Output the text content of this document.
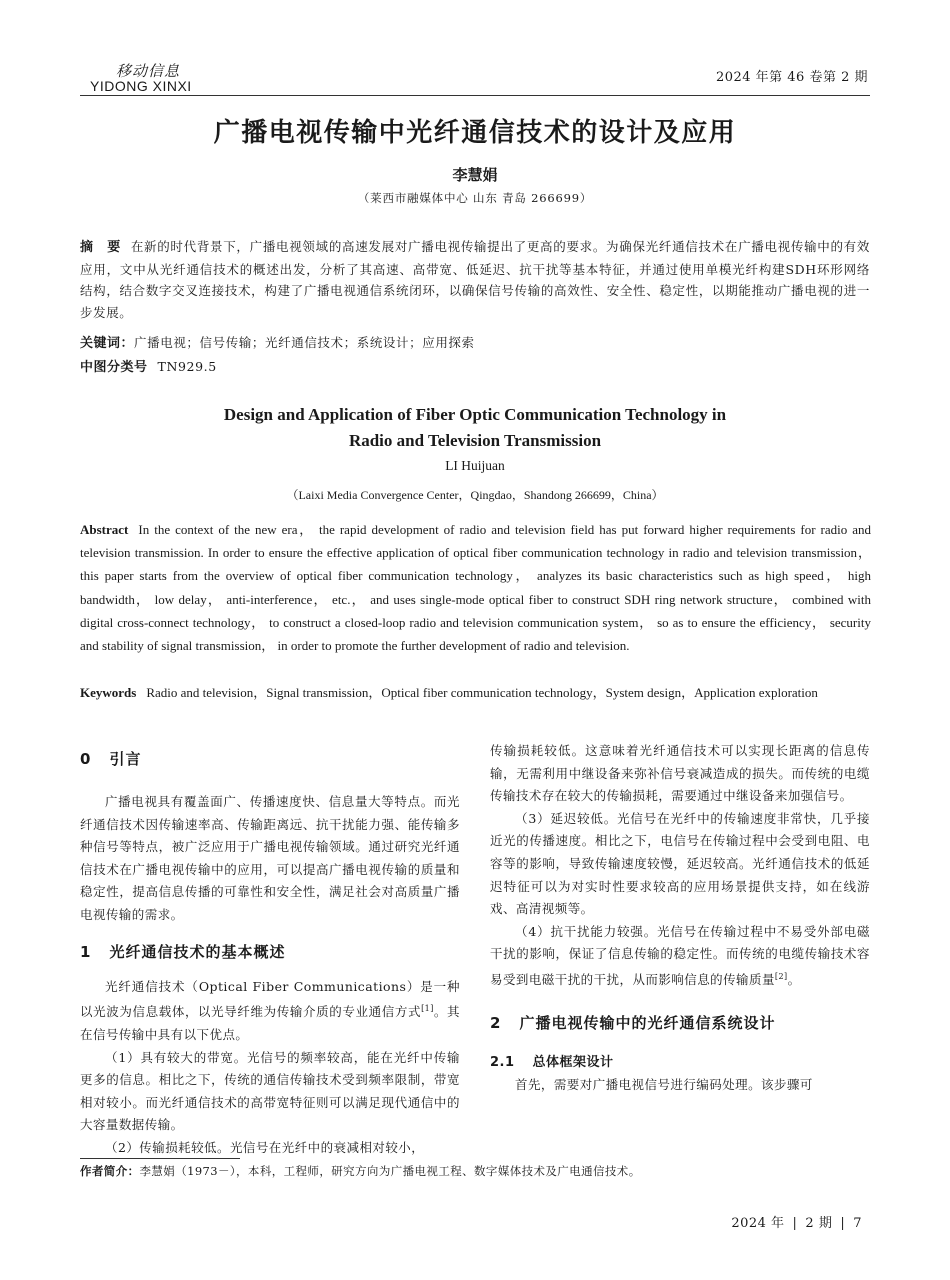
移动信息
YIDONG XINXI
2024 年第 46 卷第 2 期
广播电视传输中光纤通信技术的设计及应用
李慧娟
（莱西市融媒体中心 山东 青岛 266699）
摘　要 在新的时代背景下，广播电视领域的高速发展对广播电视传输提出了更高的要求。为确保光纤通信技术在广播电视传输中的有效应用，文中从光纤通信技术的概述出发，分析了其高速、高带宽、低延迟、抗干扰等基本特征，并通过使用单模光纤构建SDH环形网络结构，结合数字交叉连接技术，构建了广播电视通信系统闭环，以确保信号传输的高效性、安全性、稳定性，以期能推动广播电视的进一步发展。
关键词：广播电视；信号传输；光纤通信技术；系统设计；应用探索
中图分类号 TN929.5
Design and Application of Fiber Optic Communication Technology in
Radio and Television Transmission
LI Huijuan
（Laixi Media Convergence Center，Qingdao，Shandong 266699，China）
Abstract In the context of the new era， the rapid development of radio and television field has put forward higher requirements for radio and television transmission. In order to ensure the effective application of optical fiber communication technology in radio and television transmission， this paper starts from the overview of optical fiber communication technology， analyzes its basic characteristics such as high speed， high bandwidth， low delay， anti-interference， etc.， and uses single-mode optical fiber to construct SDH ring network structure， combined with digital cross-connect technology， to construct a closed-loop radio and television communication system， so as to ensure the efficiency， security and stability of signal transmission， in order to promote the further development of radio and television.
Keywords Radio and television，Signal transmission，Optical fiber communication technology，System design，Application exploration
0 引言

广播电视具有覆盖面广、传播速度快、信息量大等特点。而光纤通信技术因传输速率高、传输距离远、抗干扰能力强、能传输多种信号等特点，被广泛应用于广播电视传输领域。通过研究光纤通信技术在广播电视传输中的应用，可以提高广播电视传输的质量和稳定性，提高信息传播的可靠性和安全性，满足社会对高质量广播电视传输的需求。

1 光纤通信技术的基本概述

光纤通信技术（Optical Fiber Communications）是一种以光波为信息载体，以光导纤维为传输介质的专业通信方式[1]。其在信号传输中具有以下优点。

（1）具有较大的带宽。光信号的频率较高，能在光纤中传输更多的信息。相比之下，传统的通信传输技术受到频率限制，带宽相对较小。而光纤通信技术的高带宽特征则可以满足现代通信中的大容量数据传输。

（2）传输损耗较低。光信号在光纤中的衰减相对较小，

传输损耗较低。这意味着光纤通信技术可以实现长距离的信息传输，无需利用中继设备来弥补信号衰减造成的损失。而传统的电缆传输技术存在较大的传输损耗，需要通过中继设备来加强信号。

（3）延迟较低。光信号在光纤中的传输速度非常快，几乎接近光的传播速度。相比之下，电信号在传输过程中会受到电阻、电容等的影响，导致传输速度较慢，延迟较高。光纤通信技术的低延迟特征可以为对实时性要求较高的应用场景提供支持，如在线游戏、高清视频等。

（4）抗干扰能力较强。光信号在传输过程中不易受外部电磁干扰的影响，保证了信息传输的稳定性。而传统的电缆传输技术容易受到电磁干扰的干扰，从而影响信息的传输质量[2]。

2 广播电视传输中的光纤通信系统设计
2.1 总体框架设计

首先，需要对广播电视信号进行编码处理。该步骤可

作者简介：李慧娟（1973－），本科，工程师，研究方向为广播电视工程、数字媒体技术及广电通信技术。
2024 年 | 2 期 | 7
